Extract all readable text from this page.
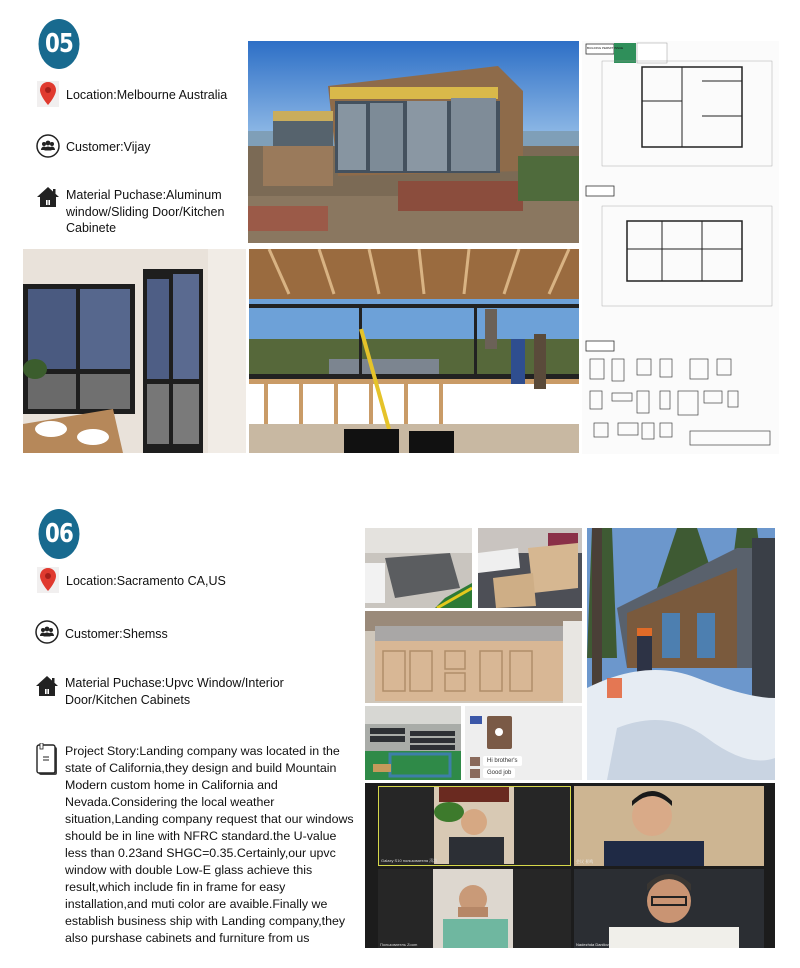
05
Location:Melbourne Australia
Customer:Vijay
Material Puchase:Aluminum window/Sliding Door/Kitchen Cabinete
BUILDING PERMIT ISSUE
06
Location:Sacramento CA,US
Customer:Shemss
Material Puchase:Upvc Window/Interior Door/Kitchen Cabinets
Project Story:Landing company was located in the state of California,they design and build Mountain Modern custom home in California and Nevada.Considering the local weather situation,Landing company request that our windows should be in line with NFRC standard.the U-value less than 0.23and SHGC=0.35.Certainly,our upvc window with double Low-E glass achieve this result,which include fin in frame for easy installation,and muti color are avaible.Finally we establish business ship with Landing company,they also purshase cabinets and furniture from us
Hi brother's
Good job
Galaxy S10 пользователя 清涛	会议 景鸣
Пользователь Zoom	Nadezhda Danilova
